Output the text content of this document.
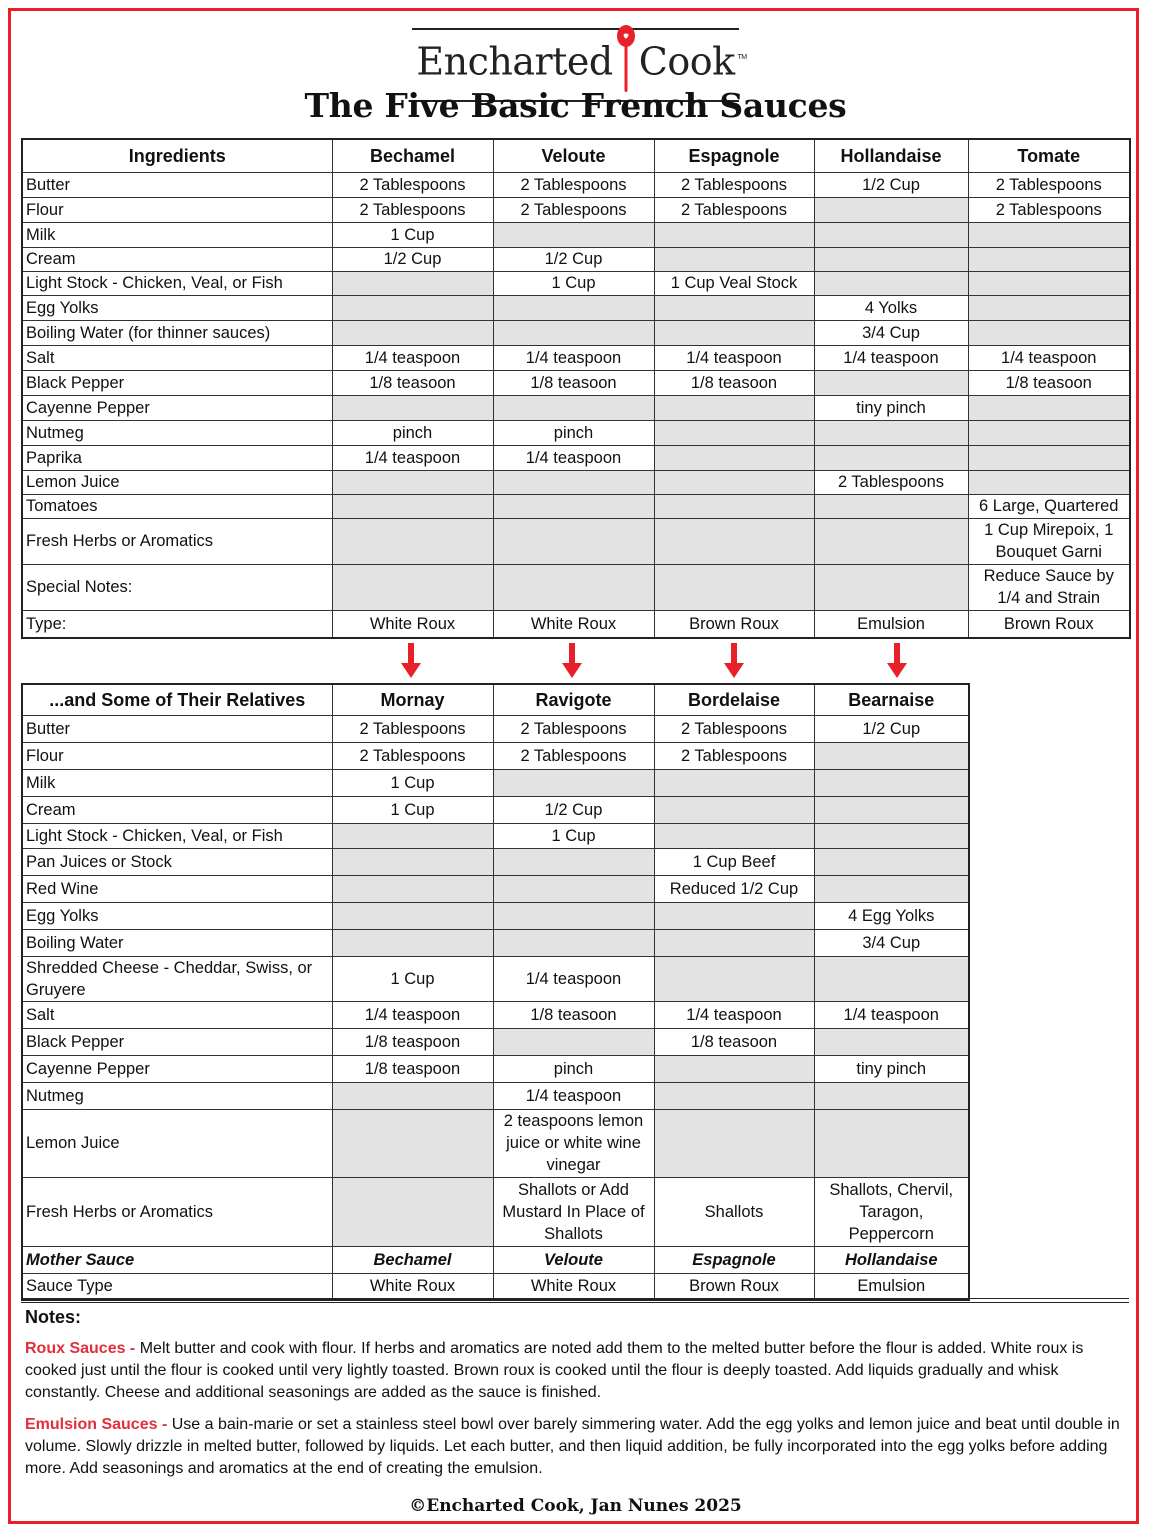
Encharted Cook TM
The Five Basic French Sauces
Ingredients	Bechamel	Veloute	Espagnole	Hollandaise	Tomate
Butter	2 Tablespoons	2 Tablespoons	2 Tablespoons	1/2 Cup	2 Tablespoons
Flour	2 Tablespoons	2 Tablespoons	2 Tablespoons		2 Tablespoons
Milk	1 Cup				
Cream	1/2 Cup	1/2 Cup			
Light Stock - Chicken, Veal, or Fish		1 Cup	1 Cup Veal Stock		
Egg Yolks				4 Yolks	
Boiling Water (for thinner sauces)				3/4 Cup	
Salt	1/4 teaspoon	1/4 teaspoon	1/4 teaspoon	1/4 teaspoon	1/4 teaspoon
Black Pepper	1/8 teasoon	1/8 teasoon	1/8 teasoon		1/8 teasoon
Cayenne Pepper				tiny pinch	
Nutmeg	pinch	pinch			
Paprika	1/4 teaspoon	1/4 teaspoon			
Lemon Juice				2 Tablespoons	
Tomatoes					6 Large, Quartered
Fresh Herbs or Aromatics					1 Cup Mirepoix, 1 Bouquet Garni
Special Notes:					Reduce Sauce by 1/4 and Strain
Type:	White Roux	White Roux	Brown Roux	Emulsion	Brown Roux
...and Some of Their Relatives	Mornay	Ravigote	Bordelaise	Bearnaise
Butter	2 Tablespoons	2 Tablespoons	2 Tablespoons	1/2 Cup
Flour	2 Tablespoons	2 Tablespoons	2 Tablespoons	
Milk	1 Cup			
Cream	1 Cup	1/2 Cup		
Light Stock - Chicken, Veal, or Fish		1 Cup		
Pan Juices or Stock			1 Cup Beef	
Red Wine			Reduced 1/2 Cup	
Egg Yolks				4 Egg Yolks
Boiling Water				3/4 Cup
Shredded Cheese - Cheddar, Swiss, or Gruyere	1 Cup	1/4 teaspoon		
Salt	1/4 teaspoon	1/8 teasoon	1/4 teaspoon	1/4 teaspoon
Black Pepper	1/8 teaspoon		1/8 teasoon	
Cayenne Pepper	1/8 teaspoon	pinch		tiny pinch
Nutmeg		1/4 teaspoon		
Lemon Juice		2 teaspoons lemon juice or white wine vinegar		
Fresh Herbs or Aromatics		Shallots or Add Mustard In Place of Shallots	Shallots	Shallots, Chervil, Taragon, Peppercorn
Mother Sauce	Bechamel	Veloute	Espagnole	Hollandaise
Sauce Type	White Roux	White Roux	Brown Roux	Emulsion
Notes:

Roux Sauces - Melt butter and cook with flour. If herbs and aromatics are noted add them to the melted butter before the flour is added. White roux is cooked just until the flour is cooked until very lightly toasted. Brown roux is cooked until the flour is deeply toasted. Add liquids gradually and whisk constantly. Cheese and additional seasonings are added as the sauce is finished.

Emulsion Sauces - Use a bain-marie or set a stainless steel bowl over barely simmering water. Add the egg yolks and lemon juice and beat until double in volume. Slowly drizzle in melted butter, followed by liquids. Let each butter, and then liquid addition, be fully incorporated into the egg yolks before adding more. Add seasonings and aromatics at the end of creating the emulsion.

©Encharted Cook, Jan Nunes 2025
